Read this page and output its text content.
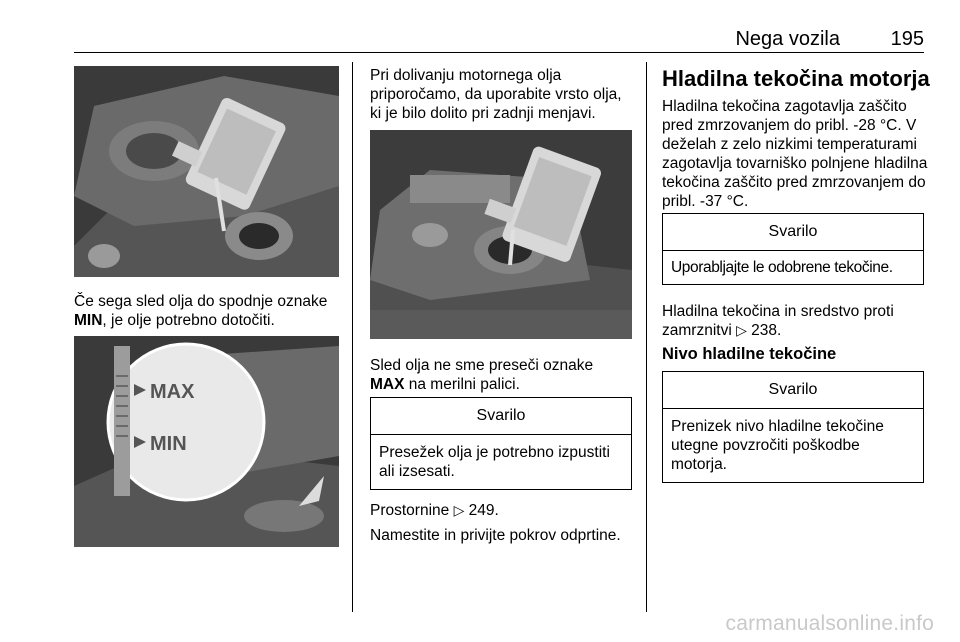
Nega vozila	195
Če sega sled olja do spodnje oznake MIN, je olje potrebno dotočiti.
MAX
MIN
Pri dolivanju motornega olja priporočamo, da uporabite vrsto olja, ki je bilo dolito pri zadnji menjavi.
Sled olja ne sme preseči oznake
MAX na merilni palici.
Svarilo
Presežek olja je potrebno izpustiti ali izsesati.
Prostornine ▷ 249.
Namestite in privijte pokrov odprtine.
Hladilna tekočina motorja
Hladilna tekočina zagotavlja zaščito pred zmrzovanjem do pribl. -28 °C. V deželah z zelo nizkimi temperaturami zagotavlja tovarniško polnjene hladilna tekočina zaščito pred zmrzovanjem do pribl. -37 °C.
Svarilo
Uporabljajte le odobrene tekočine.
Hladilna tekočina in sredstvo proti zamrznitvi ▷ 238.
Nivo hladilne tekočine
Svarilo
Prenizek nivo hladilne tekočine utegne povzročiti poškodbe motorja.
carmanualsonline.info
